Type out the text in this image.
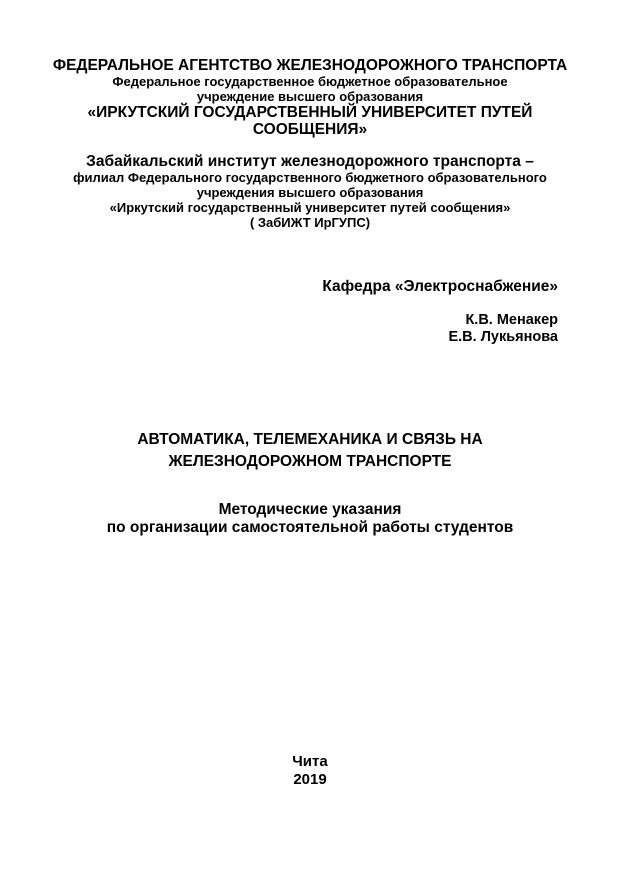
ФЕДЕРАЛЬНОЕ АГЕНТСТВО ЖЕЛЕЗНОДОРОЖНОГО ТРАНСПОРТА
Федеральное государственное бюджетное образовательное
учреждение высшего образования
«ИРКУТСКИЙ ГОСУДАРСТВЕННЫЙ УНИВЕРСИТЕТ ПУТЕЙ
СООБЩЕНИЯ»
Забайкальский институт железнодорожного транспорта –
филиал Федерального государственного бюджетного образовательного
учреждения высшего образования
«Иркутский государственный университет путей сообщения»
( ЗабИЖТ ИрГУПС)
Кафедра «Электроснабжение»
К.В. Менакер
Е.В. Лукьянова
АВТОМАТИКА, ТЕЛЕМЕХАНИКА И СВЯЗЬ НА
ЖЕЛЕЗНОДОРОЖНОМ ТРАНСПОРТЕ
Методические указания
по организации самостоятельной работы студентов
Чита
2019
